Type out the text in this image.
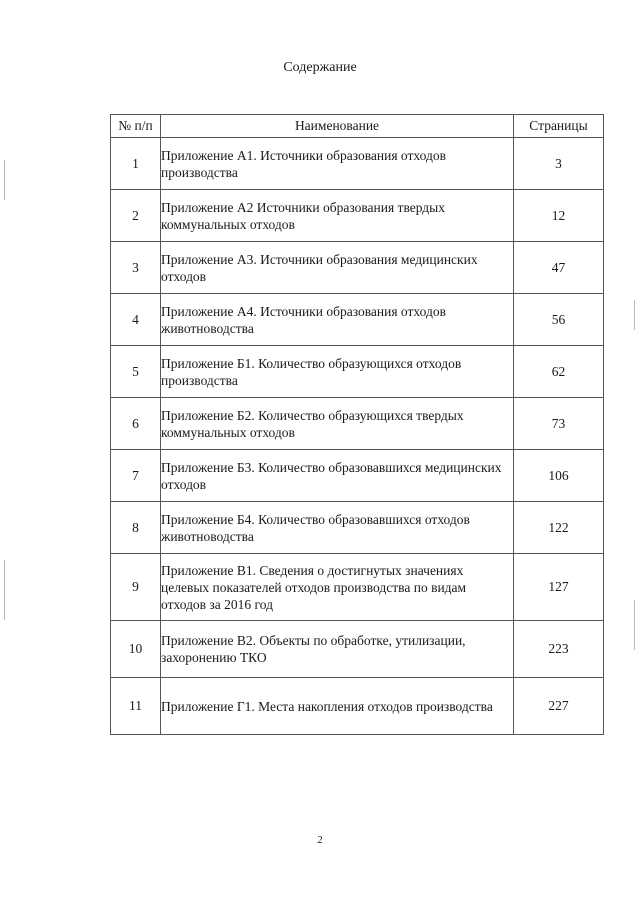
Содержание
№ п/п	Наименование	Страницы
1	Приложение А1. Источники образования отходов производства	3
2	Приложение А2 Источники образования твердых коммунальных отходов	12
3	Приложение А3. Источники образования медицинских отходов	47
4	Приложение А4. Источники образования отходов животноводства	56
5	Приложение Б1. Количество образующихся отходов производства	62
6	Приложение Б2. Количество образующихся твердых коммунальных отходов	73
7	Приложение Б3. Количество образовавшихся медицинских отходов	106
8	Приложение Б4. Количество образовавшихся отходов животноводства	122
9	Приложение В1. Сведения о достигнутых значениях целевых показателей отходов производства по видам отходов за 2016 год	127
10	Приложение В2. Объекты по обработке, утилизации, захоронению ТКО	223
11	Приложение Г1. Места накопления отходов производства	227
2
